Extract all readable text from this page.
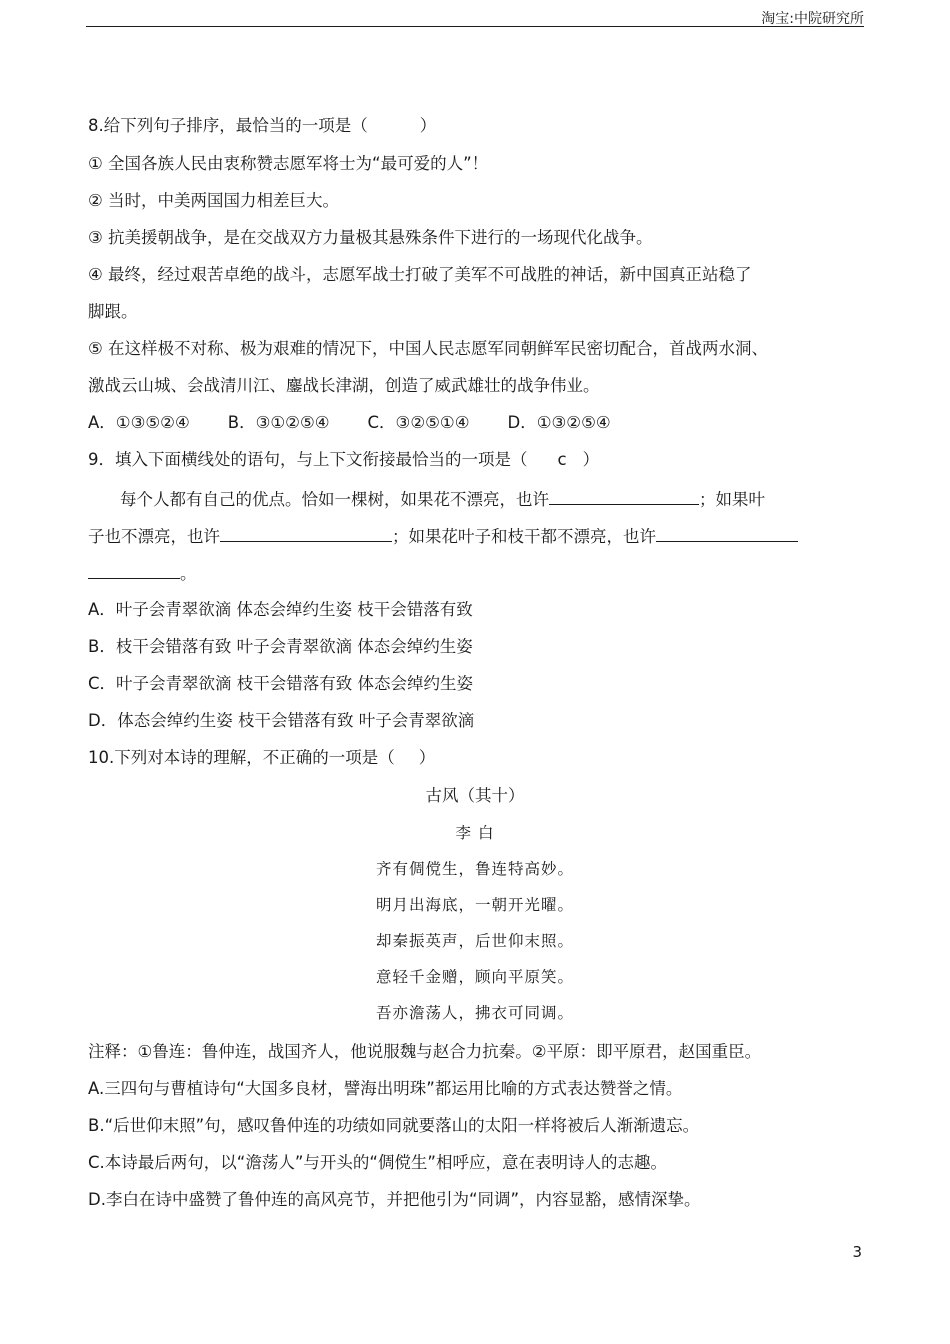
淘宝:中院研究所
8.给下列句子排序，最恰当的一项是（	）
① 全国各族人民由衷称赞志愿军将士为“最可爱的人”！
② 当时，中美两国国力相差巨大。
③ 抗美援朝战争，是在交战双方力量极其悬殊条件下进行的一场现代化战争。
④ 最终，经过艰苦卓绝的战斗，志愿军战士打破了美军不可战胜的神话，新中国真正站稳了
脚跟。
⑤ 在这样极不对称、极为艰难的情况下，中国人民志愿军同朝鲜军民密切配合，首战两水洞、
激战云山城、会战清川江、鏖战长津湖，创造了威武雄壮的战争伟业。
A．①③⑤②④ B．③①②⑤④ C．③②⑤①④ D．①③②⑤④
9．填入下面横线处的语句，与上下文衔接最恰当的一项是（ c ）
每个人都有自己的优点。恰如一棵树，如果花不漂亮，也许	；如果叶
子也不漂亮，也许	；如果花叶子和枝干都不漂亮，也许
。
A．叶子会青翠欲滴 体态会绰约生姿 枝干会错落有致
B．枝干会错落有致 叶子会青翠欲滴 体态会绰约生姿
C．叶子会青翠欲滴 枝干会错落有致 体态会绰约生姿
D．体态会绰约生姿 枝干会错落有致 叶子会青翠欲滴
10.下列对本诗的理解，不正确的一项是（ ）
古风（其十）
李 白
齐有倜傥生，鲁连特高妙。
明月出海底，一朝开光曜。
却秦振英声，后世仰末照。
意轻千金赠，顾向平原笑。
吾亦澹荡人，拂衣可同调。
注释：①鲁连：鲁仲连，战国齐人，他说服魏与赵合力抗秦。②平原：即平原君，赵国重臣。
A.三四句与曹植诗句“大国多良材，譬海出明珠”都运用比喻的方式表达赞誉之情。
B.“后世仰末照”句，感叹鲁仲连的功绩如同就要落山的太阳一样将被后人渐渐遗忘。
C.本诗最后两句，以“澹荡人”与开头的“倜傥生”相呼应，意在表明诗人的志趣。
D.李白在诗中盛赞了鲁仲连的高风亮节，并把他引为“同调”，内容显豁，感情深挚。
3
